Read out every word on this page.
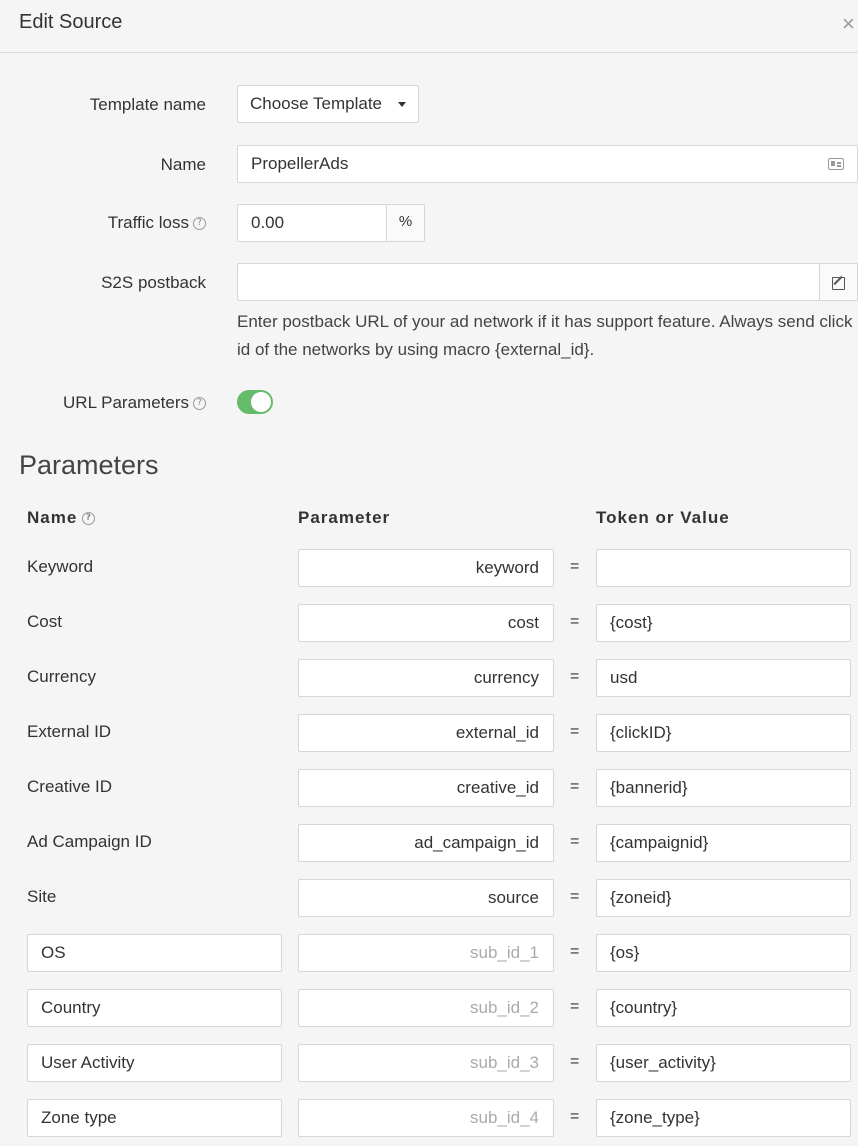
Edit Source	×
Template name	Choose Template
Name	PropellerAds
Traffic loss ?	0.00	%
S2S postback
Enter postback URL of your ad network if it has support feature. Always send click id of the networks by using macro {external_id}.
URL Parameters ?
Parameters
Name ?	Parameter	Token or Value
Keyword	keyword =
Cost	cost = {cost}
Currency	currency = usd
External ID	external_id = {clickID}
Creative ID	creative_id = {bannerid}
Ad Campaign ID	ad_campaign_id = {campaignid}
Site	source = {zoneid}
OS	sub_id_1 = {os}
Country	sub_id_2 = {country}
User Activity	sub_id_3 = {user_activity}
Zone type	sub_id_4 = {zone_type}
